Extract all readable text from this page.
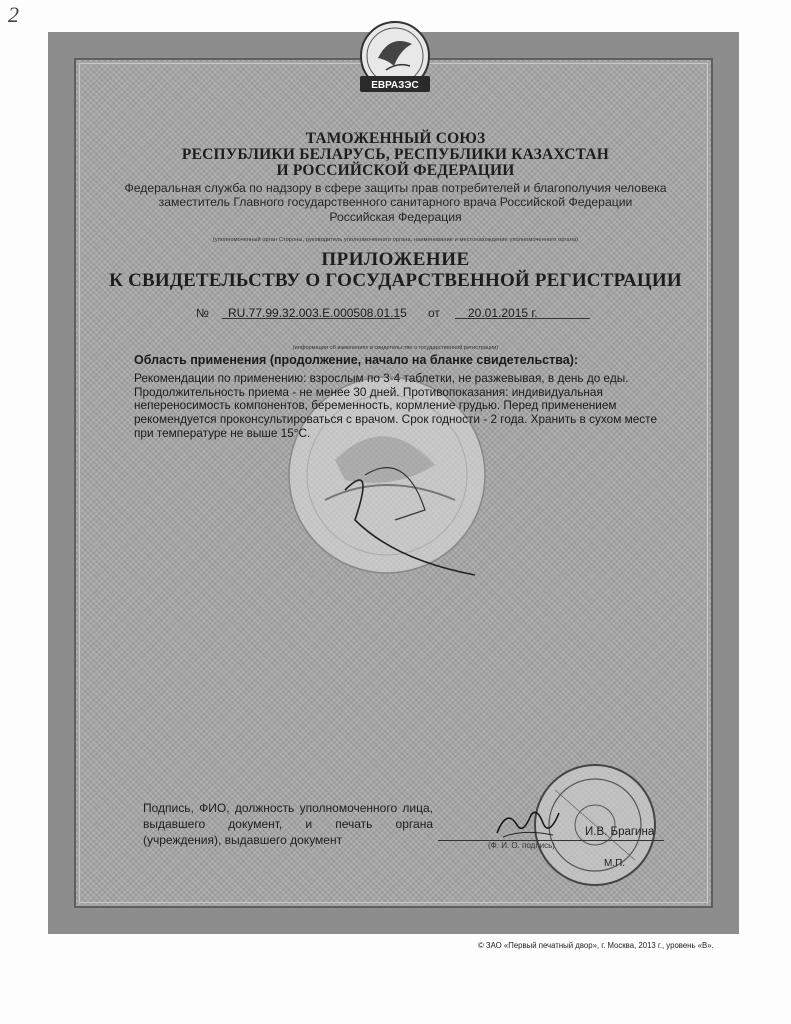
2
ЕВРАЗЭС
ТАМОЖЕННЫЙ СОЮЗ
РЕСПУБЛИКИ БЕЛАРУСЬ, РЕСПУБЛИКИ КАЗАХСТАН
И РОССИЙСКОЙ ФЕДЕРАЦИИ
Федеральная служба по надзору в сфере защиты прав потребителей и благополучия человека
заместитель Главного государственного санитарного врача Российской Федерации
Российская Федерация
(уполномоченный орган Стороны, руководитель уполномоченного органа, наименование и местонахождение уполномоченного органа)
ПРИЛОЖЕНИЕ
К СВИДЕТЕЛЬСТВУ О ГОСУДАРСТВЕННОЙ РЕГИСТРАЦИИ
№ RU.77.99.32.003.E.000508.01.15 от 20.01.2015 г.
(информация об изменениях в свидетельстве о государственной регистрации)
Область применения (продолжение, начало на бланке свидетельства):
Рекомендации по применению: взрослым по 3-4 таблетки, не разжевывая, в день до еды.
Продолжительность приема - не менее 30 дней. Противопоказания: индивидуальная
непереносимость компонентов, беременность, кормление грудью. Перед применением
рекомендуется проконсультироваться с врачом. Срок годности - 2 года. Хранить в сухом месте
при температуре не выше 15°С.
Подпись, ФИО, должность уполномоченного лица, выдавшего документ, и печать органа (учреждения), выдавшего документ
И.В. Брагина
(Ф. И. О. подпись)
М.П.
© ЗАО «Первый печатный двор», г. Москва, 2013 г., уровень «В».
